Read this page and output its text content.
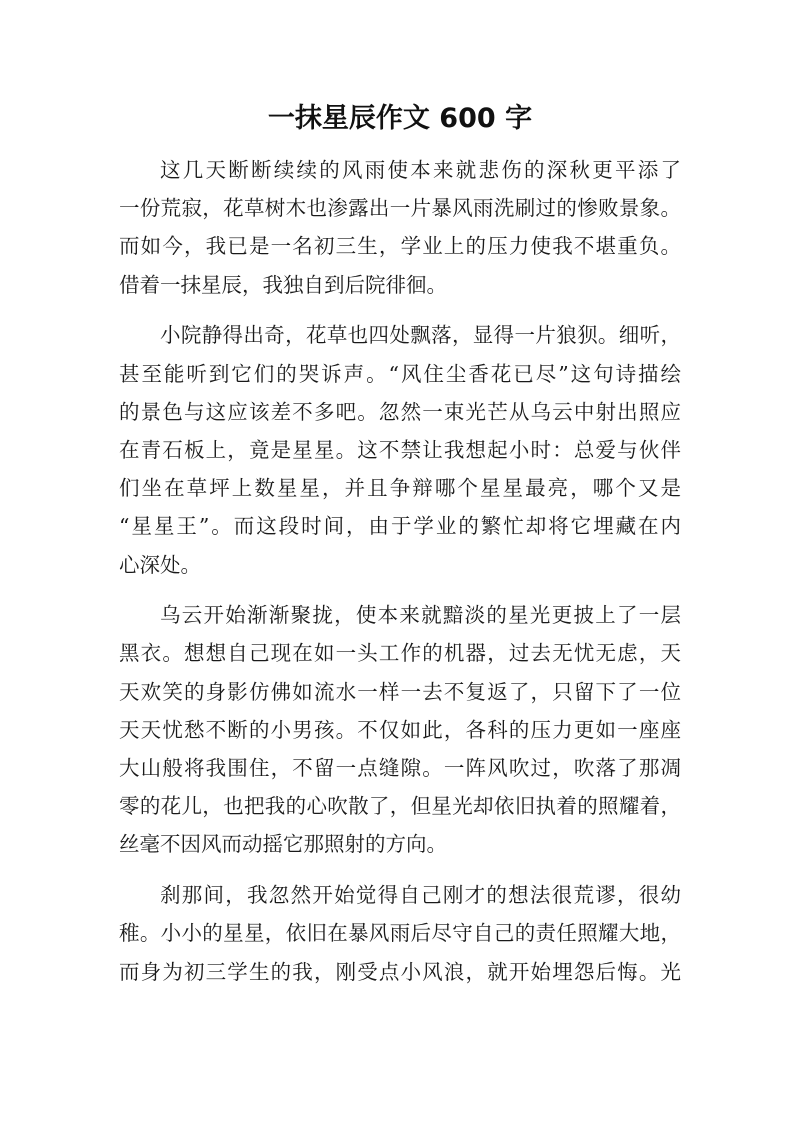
一抹星辰作文 600 字

这几天断断续续的风雨使本来就悲伤的深秋更平添了
一份荒寂，花草树木也渗露出一片暴风雨洗刷过的惨败景象。
而如今，我已是一名初三生，学业上的压力使我不堪重负。
借着一抹星辰，我独自到后院徘徊。

小院静得出奇，花草也四处飘落，显得一片狼狈。细听，
甚至能听到它们的哭诉声。“风住尘香花已尽”这句诗描绘
的景色与这应该差不多吧。忽然一束光芒从乌云中射出照应
在青石板上，竟是星星。这不禁让我想起小时：总爱与伙伴
们坐在草坪上数星星，并且争辩哪个星星最亮，哪个又是
“星星王”。而这段时间，由于学业的繁忙却将它埋藏在内
心深处。

乌云开始渐渐聚拢，使本来就黯淡的星光更披上了一层
黑衣。想想自己现在如一头工作的机器，过去无忧无虑，天
天欢笑的身影仿佛如流水一样一去不复返了，只留下了一位
天天忧愁不断的小男孩。不仅如此，各科的压力更如一座座
大山般将我围住，不留一点缝隙。一阵风吹过，吹落了那凋
零的花儿，也把我的心吹散了，但星光却依旧执着的照耀着，
丝毫不因风而动摇它那照射的方向。

刹那间，我忽然开始觉得自己刚才的想法很荒谬，很幼
稚。小小的星星，依旧在暴风雨后尽守自己的责任照耀大地，
而身为初三学生的我，刚受点小风浪，就开始埋怨后悔。光
